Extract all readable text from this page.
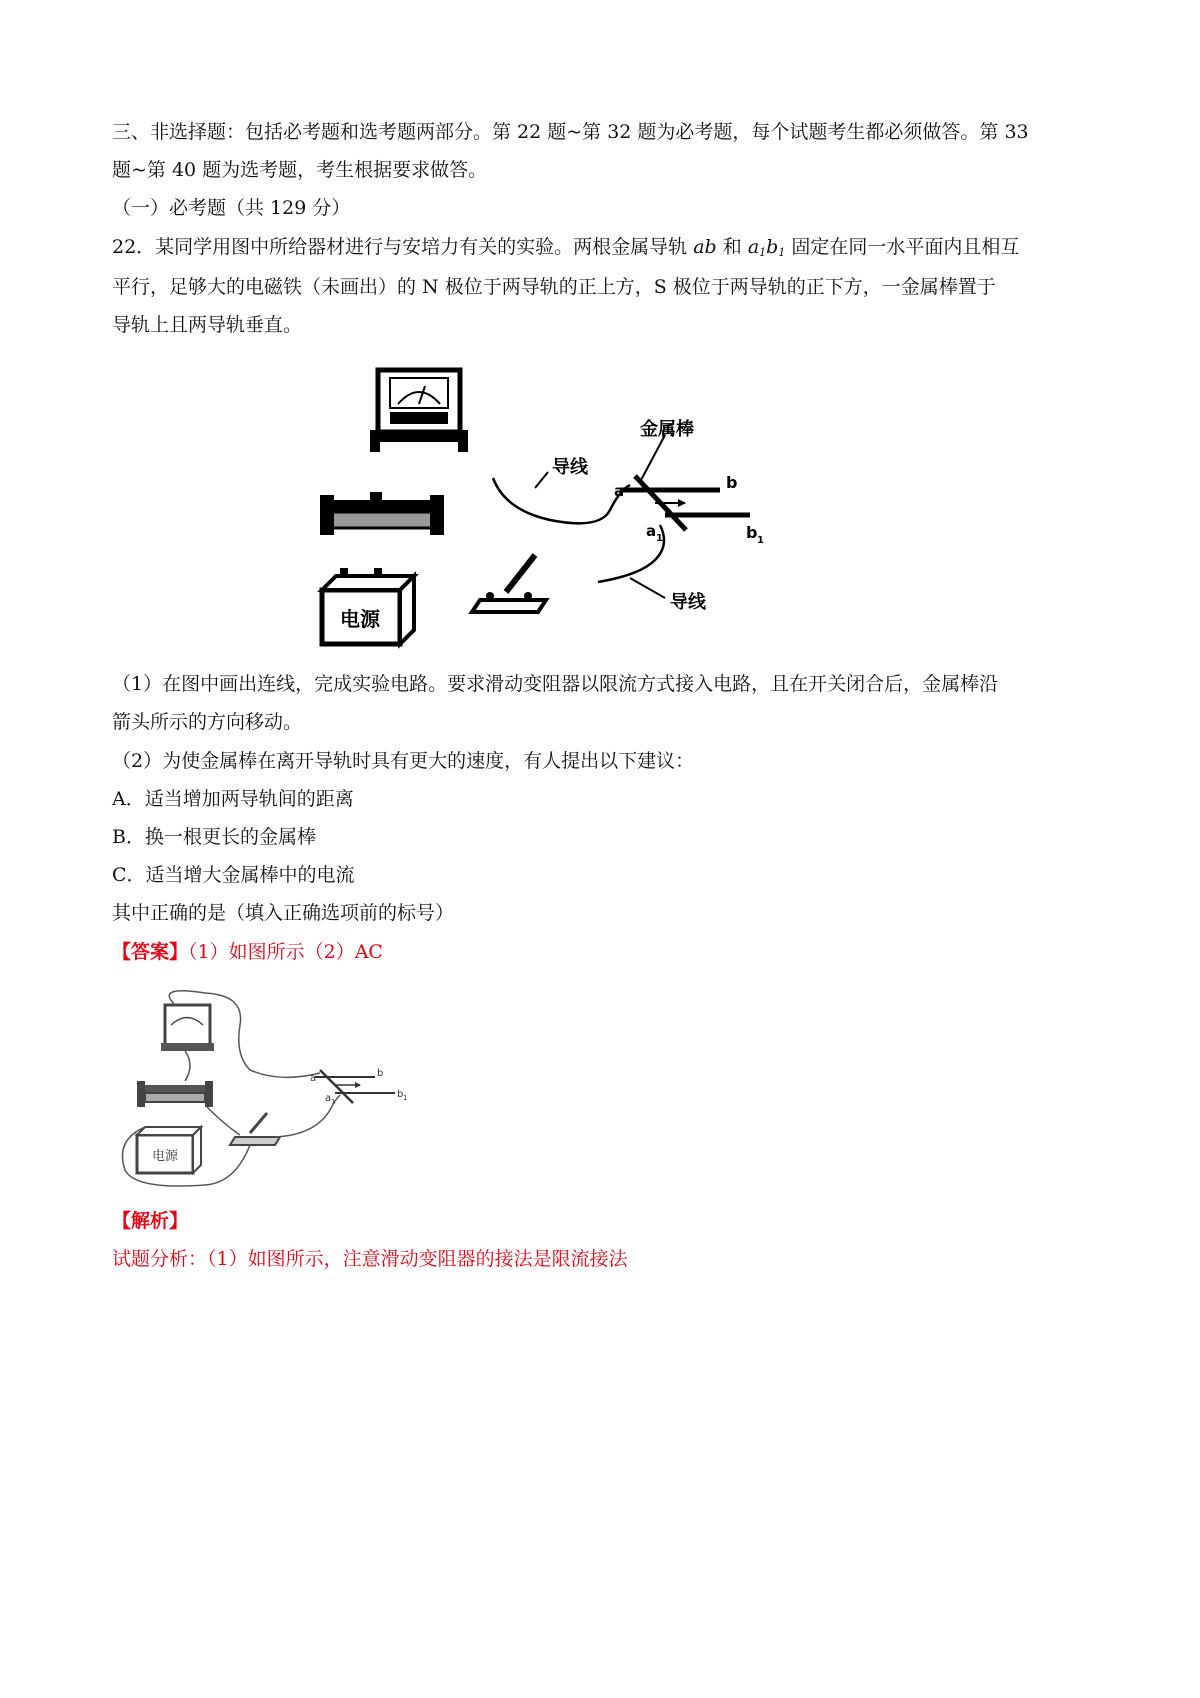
三、非选择题：包括必考题和选考题两部分。第 22 题~第 32 题为必考题，每个试题考生都必须做答。第 33
题~第 40 题为选考题，考生根据要求做答。
（一）必考题（共 129 分）
22．某同学用图中所给器材进行与安培力有关的实验。两根金属导轨 ab 和 $a_1b_1$ 固定在同一水平面内且相互
平行，足够大的电磁铁（未画出）的 N 极位于两导轨的正上方，S 极位于两导轨的正下方，一金属棒置于
导轨上且两导轨垂直。
电源
导线
导线
金属棒
a	b
a 1	b 1
（1）在图中画出连线，完成实验电路。要求滑动变阻器以限流方式接入电路，且在开关闭合后，金属棒沿
箭头所示的方向移动。
（2）为使金属棒在离开导轨时具有更大的速度，有人提出以下建议：
A．适当增加两导轨间的距离
B．换一根更长的金属棒
C．适当增大金属棒中的电流
其中正确的是（填入正确选项前的标号）
【答案】（1）如图所示（2）AC
电源
a	b
a 1
b 1
【解析】
试题分析：（1）如图所示，注意滑动变阻器的接法是限流接法
